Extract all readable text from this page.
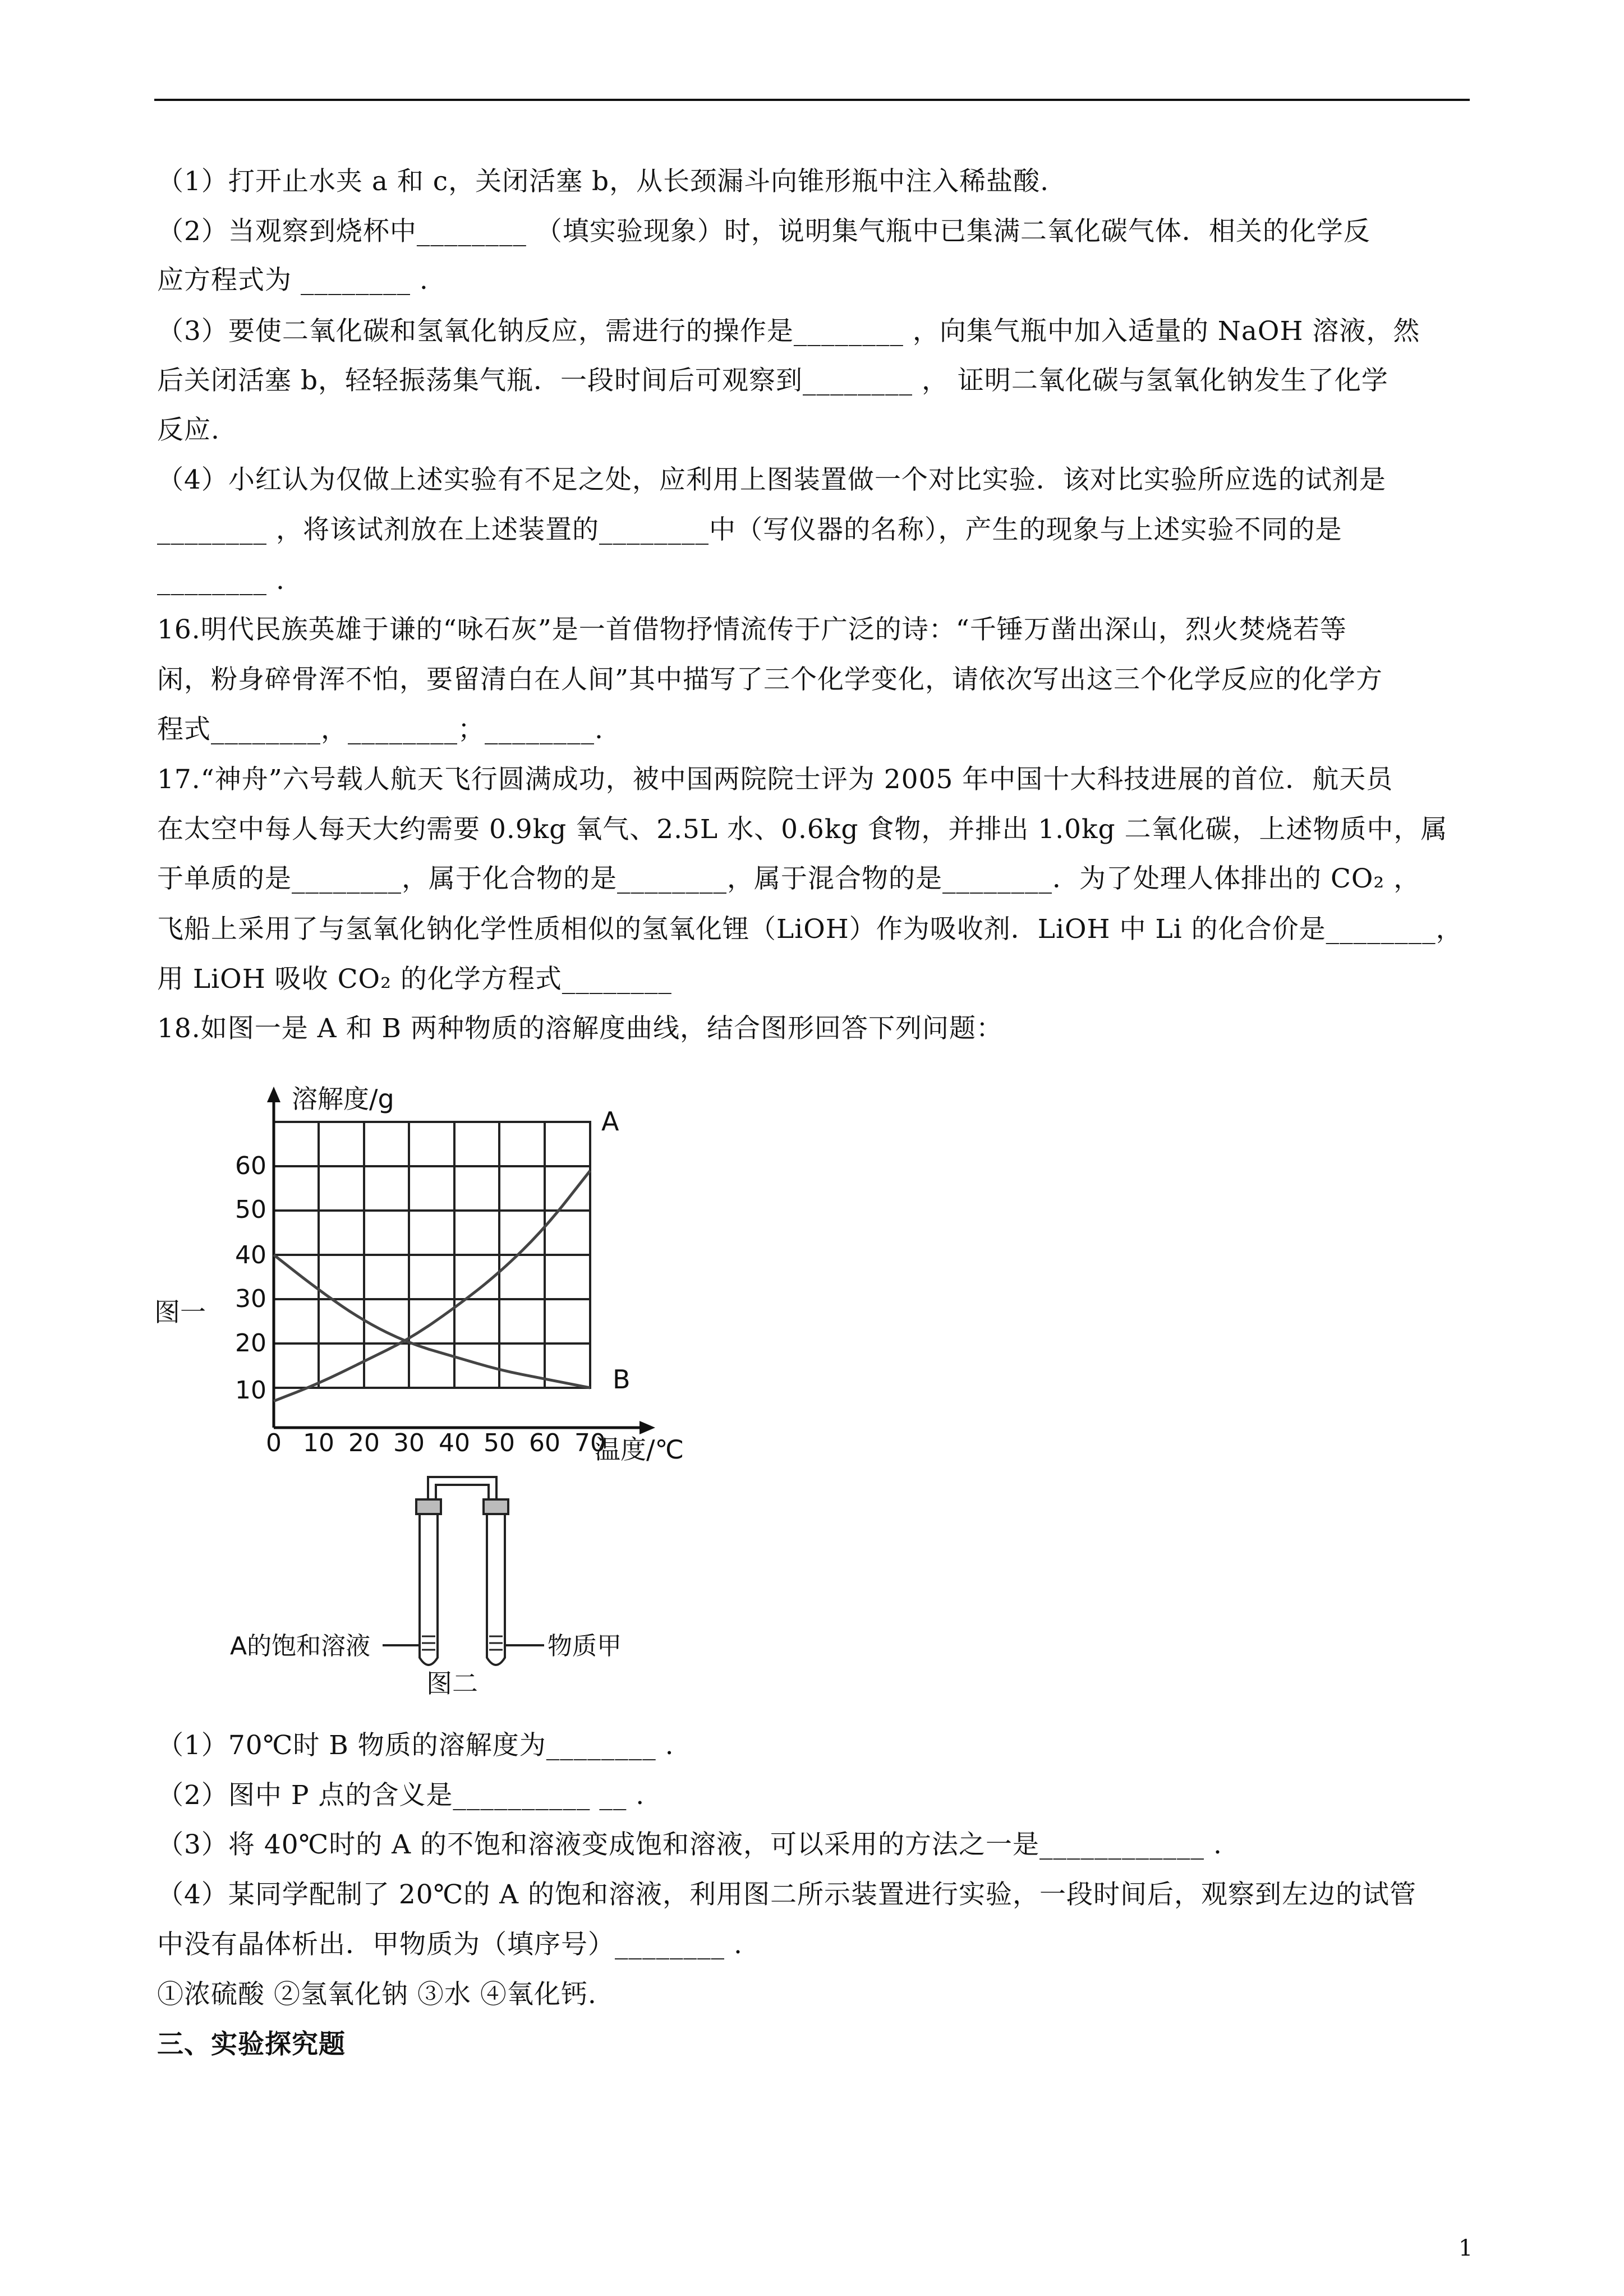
（1）打开止水夹 a 和 c，关闭活塞 b，从长颈漏斗向锥形瓶中注入稀盐酸.
（2）当观察到烧杯中________ （填实验现象）时，说明集气瓶中已集满二氧化碳气体．相关的化学反
应方程式为 ________ .
（3）要使二氧化碳和氢氧化钠反应，需进行的操作是________ ，向集气瓶中加入适量的 NaOH 溶液，然
后关闭活塞 b，轻轻振荡集气瓶．一段时间后可观察到________ ， 证明二氧化碳与氢氧化钠发生了化学
反应.
（4）小红认为仅做上述实验有不足之处，应利用上图装置做一个对比实验．该对比实验所应选的试剂是
________ ，将该试剂放在上述装置的________中（写仪器的名称），产生的现象与上述实验不同的是
________ .
16.明代民族英雄于谦的“咏石灰”是一首借物抒情流传于广泛的诗：“千锤万凿出深山，烈火焚烧若等
闲，粉身碎骨浑不怕，要留清白在人间”其中描写了三个化学变化，请依次写出这三个化学反应的化学方
程式________，________；________.
17.“神舟”六号载人航天飞行圆满成功，被中国两院院士评为 2005 年中国十大科技进展的首位．航天员
在太空中每人每天大约需要 0.9kg 氧气、2.5L 水、0.6kg 食物，并排出 1.0kg 二氧化碳，上述物质中，属
于单质的是________，属于化合物的是________，属于混合物的是________．为了处理人体排出的 CO₂ ，
飞船上采用了与氢氧化钠化学性质相似的氢氧化锂（LiOH）作为吸收剂．LiOH 中 Li 的化合价是________，
用 LiOH 吸收 CO₂ 的化学方程式________
18.如图一是 A 和 B 两种物质的溶解度曲线，结合图形回答下列问题：
溶解度/g
温度/℃
图一
10
20
30
40
50
60
0 10 20 30 40 50 60 70
A
B
A的饱和溶液	物质甲
图二
（1）70℃时 B 物质的溶解度为________ .
（2）图中 P 点的含义是__________ __ .
（3）将 40℃时的 A 的不饱和溶液变成饱和溶液，可以采用的方法之一是____________ .
（4）某同学配制了 20℃的 A 的饱和溶液，利用图二所示装置进行实验，一段时间后，观察到左边的试管
中没有晶体析出．甲物质为（填序号）________ .
①浓硫酸 ②氢氧化钠 ③水 ④氧化钙.
三、实验探究题
1
